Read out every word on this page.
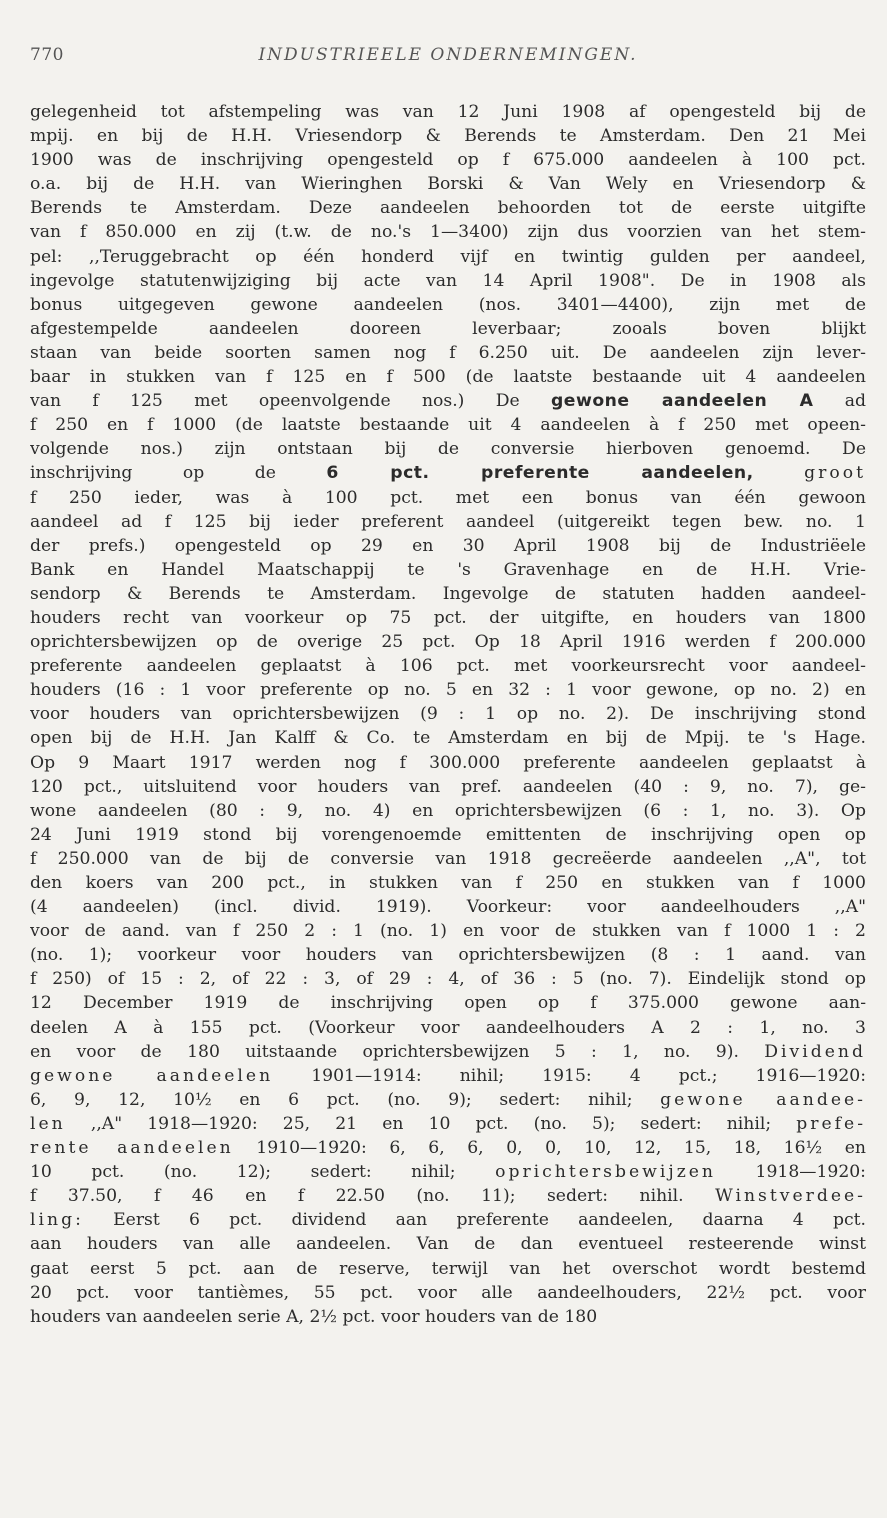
770	INDUSTRIEELE ONDERNEMINGEN.
gelegenheid tot afstempeling was van 12 Juni 1908 af opengesteld bij de
mpij. en bij de H.H. Vriesendorp & Berends te Amsterdam. Den 21 Mei
1900 was de inschrijving opengesteld op f 675.000 aandeelen à 100 pct.
o.a. bij de H.H. van Wieringhen Borski & Van Wely en Vriesendorp &
Berends te Amsterdam. Deze aandeelen behoorden tot de eerste uitgifte
van f 850.000 en zij (t.w. de no.'s 1—3400) zijn dus voorzien van het stem-
pel: ,,Teruggebracht op één honderd vijf en twintig gulden per aandeel,
ingevolge statutenwijziging bij acte van 14 April 1908". De in 1908 als
bonus uitgegeven gewone aandeelen (nos. 3401—4400), zijn met de
afgestempelde aandeelen dooreen leverbaar; zooals boven blijkt
staan van beide soorten samen nog f 6.250 uit. De aandeelen zijn lever-
baar in stukken van f 125 en f 500 (de laatste bestaande uit 4 aandeelen
van f 125 met opeenvolgende nos.) De gewone aandeelen A ad
f 250 en f 1000 (de laatste bestaande uit 4 aandeelen à f 250 met opeen-
volgende nos.) zijn ontstaan bij de conversie hierboven genoemd. De
inschrijving op de 6 pct. preferente aandeelen,	groot
f 250 ieder, was à 100 pct. met een bonus van één gewoon
aandeel ad f 125 bij ieder preferent aandeel (uitgereikt tegen bew. no. 1
der prefs.) opengesteld op 29 en 30 April 1908 bij de Industriëele
Bank en Handel Maatschappij te 's Gravenhage en de H.H. Vrie-
sendorp & Berends te Amsterdam. Ingevolge de statuten hadden aandeel-
houders recht van voorkeur op 75 pct. der uitgifte, en houders van 1800
oprichtersbewijzen op de overige 25 pct. Op 18 April 1916 werden f 200.000
preferente aandeelen geplaatst à 106 pct. met voorkeursrecht voor aandeel-
houders (16 : 1 voor preferente op no. 5 en 32 : 1 voor gewone, op no. 2) en
voor houders van oprichtersbewijzen (9 : 1 op no. 2). De inschrijving stond
open bij de H.H. Jan Kalff & Co. te Amsterdam en bij de Mpij. te 's Hage.
Op 9 Maart 1917 werden nog f 300.000 preferente aandeelen geplaatst à
120 pct., uitsluitend voor houders van pref. aandeelen (40 : 9, no. 7), ge-
wone aandeelen (80 : 9, no. 4) en oprichtersbewijzen (6 : 1, no. 3). Op
24 Juni 1919 stond bij vorengenoemde emittenten de inschrijving open op
f 250.000 van de bij de conversie van 1918 gecreëerde aandeelen ,,A", tot
den koers van 200 pct., in stukken van f 250 en stukken van f 1000
(4 aandeelen) (incl. divid. 1919). Voorkeur: voor aandeelhouders ,,A"
voor de aand. van f 250 2 : 1 (no. 1) en voor de stukken van f 1000 1 : 2
(no. 1); voorkeur voor houders van oprichtersbewijzen (8 : 1 aand. van
f 250) of 15 : 2, of 22 : 3, of 29 : 4, of 36 : 5 (no. 7). Eindelijk stond op
12 December 1919 de inschrijving open op f 375.000 gewone aan-
deelen A à 155 pct. (Voorkeur voor aandeelhouders A 2 : 1, no. 3
en voor de 180 uitstaande oprichtersbewijzen 5 : 1, no. 9). Dividend
gewone aandeelen 1901—1914: nihil; 1915: 4 pct.; 1916—1920:
6, 9, 12, 10½ en 6 pct. (no. 9); sedert: nihil; gewone aandee-
len ,,A" 1918—1920: 25, 21 en 10 pct. (no. 5); sedert: nihil; prefe-
rente aandeelen 1910—1920: 6, 6, 6, 0, 0, 10, 12, 15, 18, 16½ en
10 pct. (no. 12); sedert: nihil; oprichtersbewijzen 1918—1920:
f 37.50, f 46 en f 22.50 (no. 11); sedert: nihil. Winstverdee-
ling: Eerst 6 pct. dividend aan preferente aandeelen, daarna 4 pct.
aan houders van alle aandeelen. Van de dan eventueel resteerende winst
gaat eerst 5 pct. aan de reserve, terwijl van het overschot wordt bestemd
20 pct. voor tantièmes, 55 pct. voor alle aandeelhouders, 22½ pct. voor
houders van aandeelen serie A, 2½ pct. voor houders van de 180
